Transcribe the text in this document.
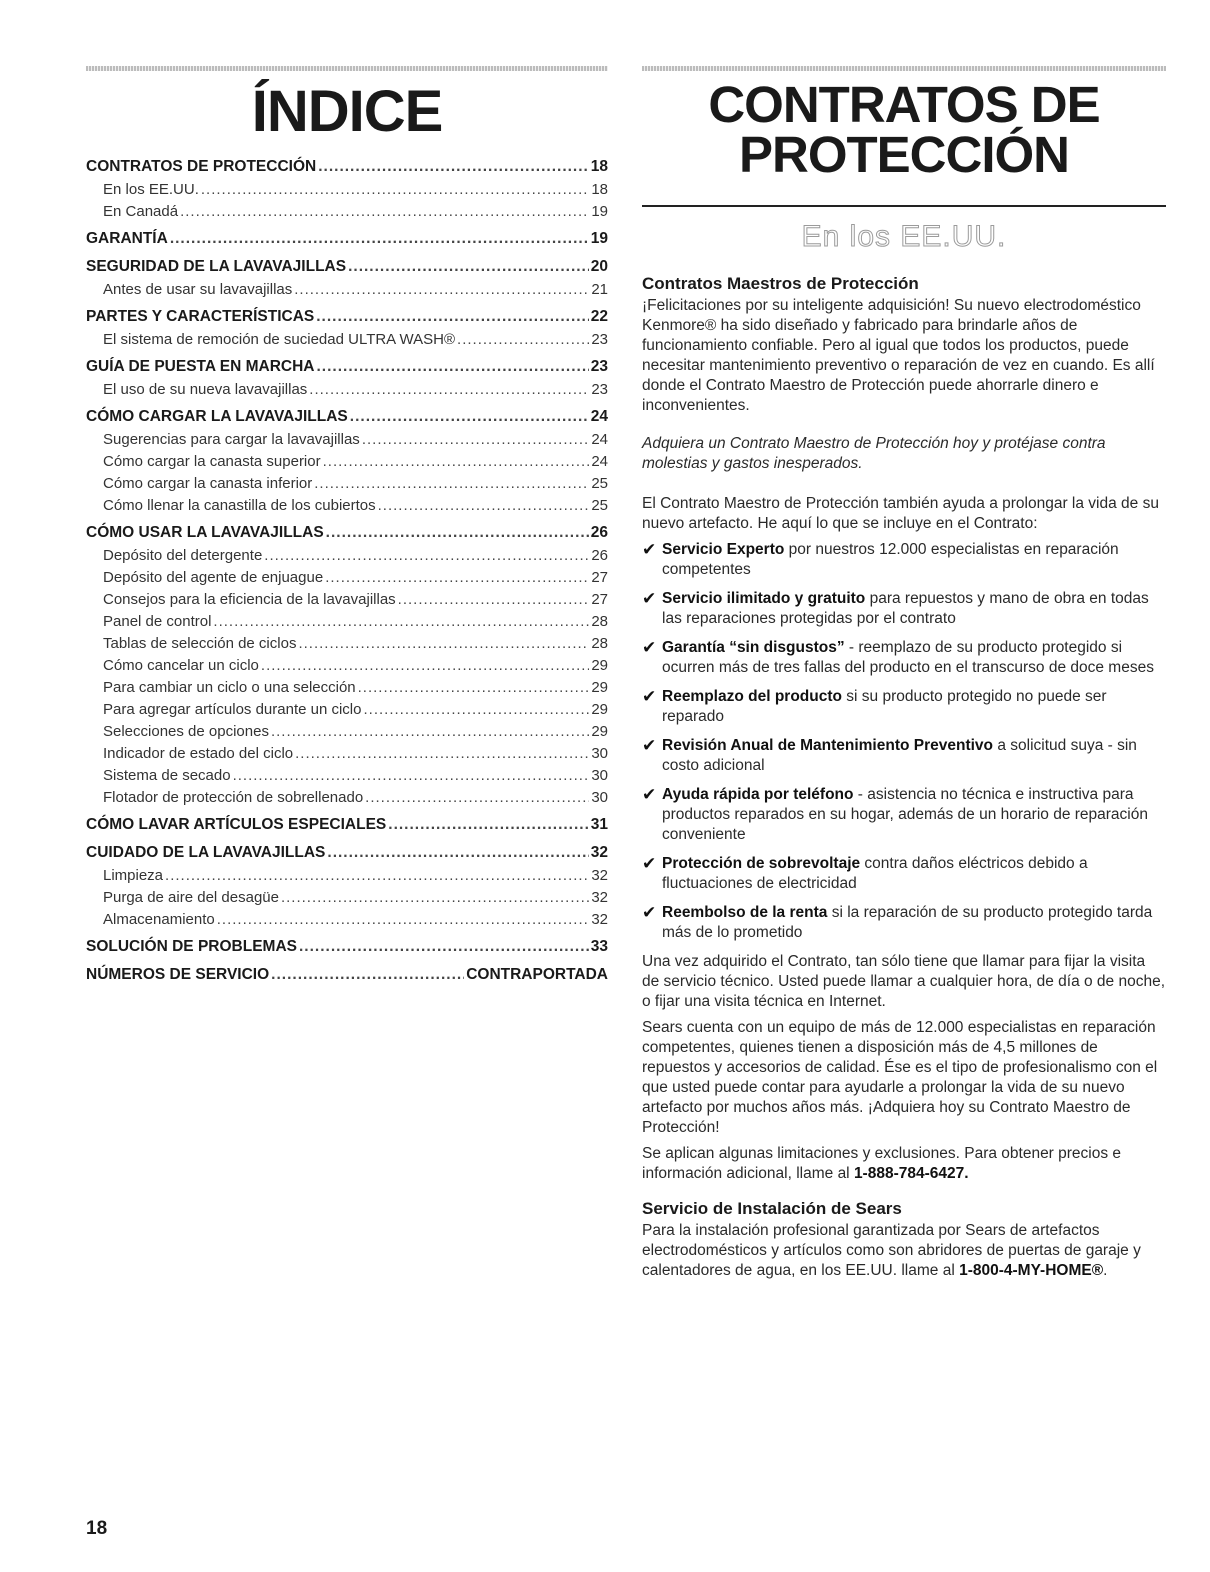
ÍNDICE
CONTRATOS DE PROTECCIÓN .....	18
En los EE.UU. .....	18
En Canadá .....	19
GARANTÍA .....	19
SEGURIDAD DE LA LAVAVAJILLAS .....	20
Antes de usar su lavavajillas .....	21
PARTES Y CARACTERÍSTICAS .....	22
El sistema de remoción de suciedad ULTRA WASH® .....	23
GUÍA DE PUESTA EN MARCHA .....	23
El uso de su nueva lavavajillas .....	23
CÓMO CARGAR LA LAVAVAJILLAS .....	24
Sugerencias para cargar la lavavajillas .....	24
Cómo cargar la canasta superior .....	24
Cómo cargar la canasta inferior .....	25
Cómo llenar la canastilla de los cubiertos .....	25
CÓMO USAR LA LAVAVAJILLAS .....	26
Depósito del detergente .....	26
Depósito del agente de enjuague .....	27
Consejos para la eficiencia de la lavavajillas .....	27
Panel de control .....	28
Tablas de selección de ciclos .....	28
Cómo cancelar un ciclo .....	29
Para cambiar un ciclo o una selección .....	29
Para agregar artículos durante un ciclo .....	29
Selecciones de opciones .....	29
Indicador de estado del ciclo .....	30
Sistema de secado .....	30
Flotador de protección de sobrellenado .....	30
CÓMO LAVAR ARTÍCULOS ESPECIALES .....	31
CUIDADO DE LA LAVAVAJILLAS .....	32
Limpieza .....	32
Purga de aire del desagüe .....	32
Almacenamiento .....	32
SOLUCIÓN DE PROBLEMAS .....	33
NÚMEROS DE SERVICIO .....	CONTRAPORTADA
CONTRATOS DE
PROTECCIÓN
En los EE.UU.
Contratos Maestros de Protección

¡Felicitaciones por su inteligente adquisición! Su nuevo electrodoméstico Kenmore® ha sido diseñado y fabricado para brindarle años de funcionamiento confiable. Pero al igual que todos los productos, puede necesitar mantenimiento preventivo o reparación de vez en cuando. Es allí donde el Contrato Maestro de Protección puede ahorrarle dinero e inconvenientes.

Adquiera un Contrato Maestro de Protección hoy y protéjase contra molestias y gastos inesperados.

El Contrato Maestro de Protección también ayuda a prolongar la vida de su nuevo artefacto. He aquí lo que se incluye en el Contrato:

✔ Servicio Experto por nuestros 12.000 especialistas en reparación competentes
✔ Servicio ilimitado y gratuito para repuestos y mano de obra en todas las reparaciones protegidas por el contrato
✔ Garantía “sin disgustos” - reemplazo de su producto protegido si ocurren más de tres fallas del producto en el transcurso de doce meses
✔ Reemplazo del producto si su producto protegido no puede ser reparado
✔ Revisión Anual de Mantenimiento Preventivo a solicitud suya - sin costo adicional
✔ Ayuda rápida por teléfono - asistencia no técnica e instructiva para productos reparados en su hogar, además de un horario de reparación conveniente
✔ Protección de sobrevoltaje contra daños eléctricos debido a fluctuaciones de electricidad
✔ Reembolso de la renta si la reparación de su producto protegido tarda más de lo prometido

Una vez adquirido el Contrato, tan sólo tiene que llamar para fijar la visita de servicio técnico. Usted puede llamar a cualquier hora, de día o de noche, o fijar una visita técnica en Internet.

Sears cuenta con un equipo de más de 12.000 especialistas en reparación competentes, quienes tienen a disposición más de 4,5 millones de repuestos y accesorios de calidad. Ése es el tipo de profesionalismo con el que usted puede contar para ayudarle a prolongar la vida de su nuevo artefacto por muchos años más. ¡Adquiera hoy su Contrato Maestro de Protección!

Se aplican algunas limitaciones y exclusiones. Para obtener precios e información adicional, llame al 1-888-784-6427.

Servicio de Instalación de Sears

Para la instalación profesional garantizada por Sears de artefactos electrodomésticos y artículos como son abridores de puertas de garaje y calentadores de agua, en los EE.UU. llame al 1-800-4-MY-HOME®.

18
